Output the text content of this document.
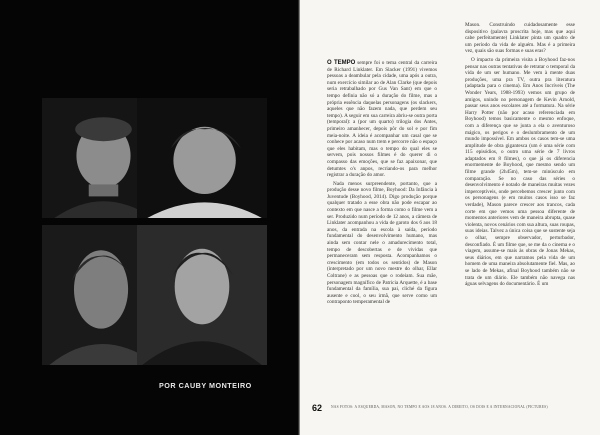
POR CAUBY MONTEIRO

O TEMPO sempre foi o tema central da carreira de Richard Linklater. Em Slacker (1991) vivemos pessoas a deambular pela cidade, uma após a outra, num exercício similar ao de Alan Clarke (que depois seria retrabalhado por Gus Van Sant) em que o tempo definia não só a duração do filme, mas a própria essência daquelas personagens (os slackers, aqueles que não fazem nada, que perdem seu tempo). A seguir em sua carreira abriu-se outra porta (temporal): a (por um quarto) trilogia dos Antes, primeiro amanhecer, depois pôr do sol e por fim meia-noite. A ideia é acompanhar um casal que se conhece por acaso num trem e percorre não o espaço que eles habitam, mas o tempo do qual eles se servem, pois nossos filmes é do querer di o compasso das emoções, que se faz apaixonar, que detumtes o's anpos, recriando-os para melhor registrar a duração do amor.

Nada menos surpreendente, portanto, que a produção desse novo filme, Boyhood: Da Infância à Juventude (Boyhood, 2014). Digo produção porque qualquer tratado a esse obra não pode escapar ao contexto em que nasce a forma como o filme vem a ser. Produzido num período de 12 anos, a câmera de Linklater acompanhou a vida de garoto dos 6 aos 18 anos, da entrada na escola à saída, período fundamental do desenvolvimento humano, mas ainda sem contar nele o amadurecimento total, tempo de descobertas e de vividas que permaneceram sem resposta. Acompanhamos o crescimento (em todos os sentidos) de Mason (interpretado por um novo mestre do olhar, Ellar Coltrane) e as pessoas que o rodeiam. Sua mãe, personagem magnífico de Patricia Arquette, é a base fundamental da família, sua pai, cliché da figura ausente e cool, o seu irmã, que serve como um contraponto temperamental de

Mason. Construindo cuidadosamente esse dispositivo (palavra proscrita hoje, mas que aqui cabe perfeitamente) Linklater pinta um quadro de um período da vida de alguém. Mas é a primeira vez, quais são suas formas e suas eras?

O impacto da primeira visita a Boyhood faz-nos pensar nas outras tentativas de retratar o temporal da vida de um ser humano. Me vem à mente duas produções, uma pra TV, outra pra literatura (adaptada para o cinema). Em Anos Incríveis (The Wonder Years, 1988-1993) vemos um grupo de amigos, unindo no personagem de Kevin Arnold, passar seus anos escolares até a formatura. Na série Harry Potter (não por acaso referenciada em Boyhood) temos basicamente o mesmo enfoque, com a diferença que se junta a ela o aventuroso mágico, os perigos e o deslumbramento de um mundo impossível. Em ambos os casos tem-se uma amplitude de obra gigantesca (um é uma série com 115 episódios, o outro uma série de 7 livros adaptados em 8 filmes), o que já os diferencia enormemente de Boyhood, que mesmo sendo um filme grande (2h45m), tem-se minúsculo em comparação. Se no caso das séries o desenvolvimento é notado de maneiras muitas vezes imperceptíveis, onde percebemos crescer junto com os personagens (e em muitos casos isso se faz verdade), Mason parece crescer aos trancos, cada corte em que vemos uma pessoa diferente de momentos anteriores vem de maneira abrupta, quase violenta, novos cenários com sua altura, suas roupas, suas ideias. Talvez a única coisa que se sustente seja o olhar, sempre observador, perturbador, desconfiado. É um filme que, se me da o cinema e o viagem, assume-se mais às obras de Jonas Mekas, seus diários, em que narramos pela vida de um homem de uma maneira absolutamente fiel. Mas, ao se lado de Mekas, afinal Boyhood também não se trata de um diário. Ele também não navega nas águas selvagens do documentário. É um

62 NAS FOTOS: À ESQUERDA, MASON, NO TEMPO E AOS 18 ANOS. À DIREITO, OS DOIS E A INTERNACIONAL (PICTURES)
